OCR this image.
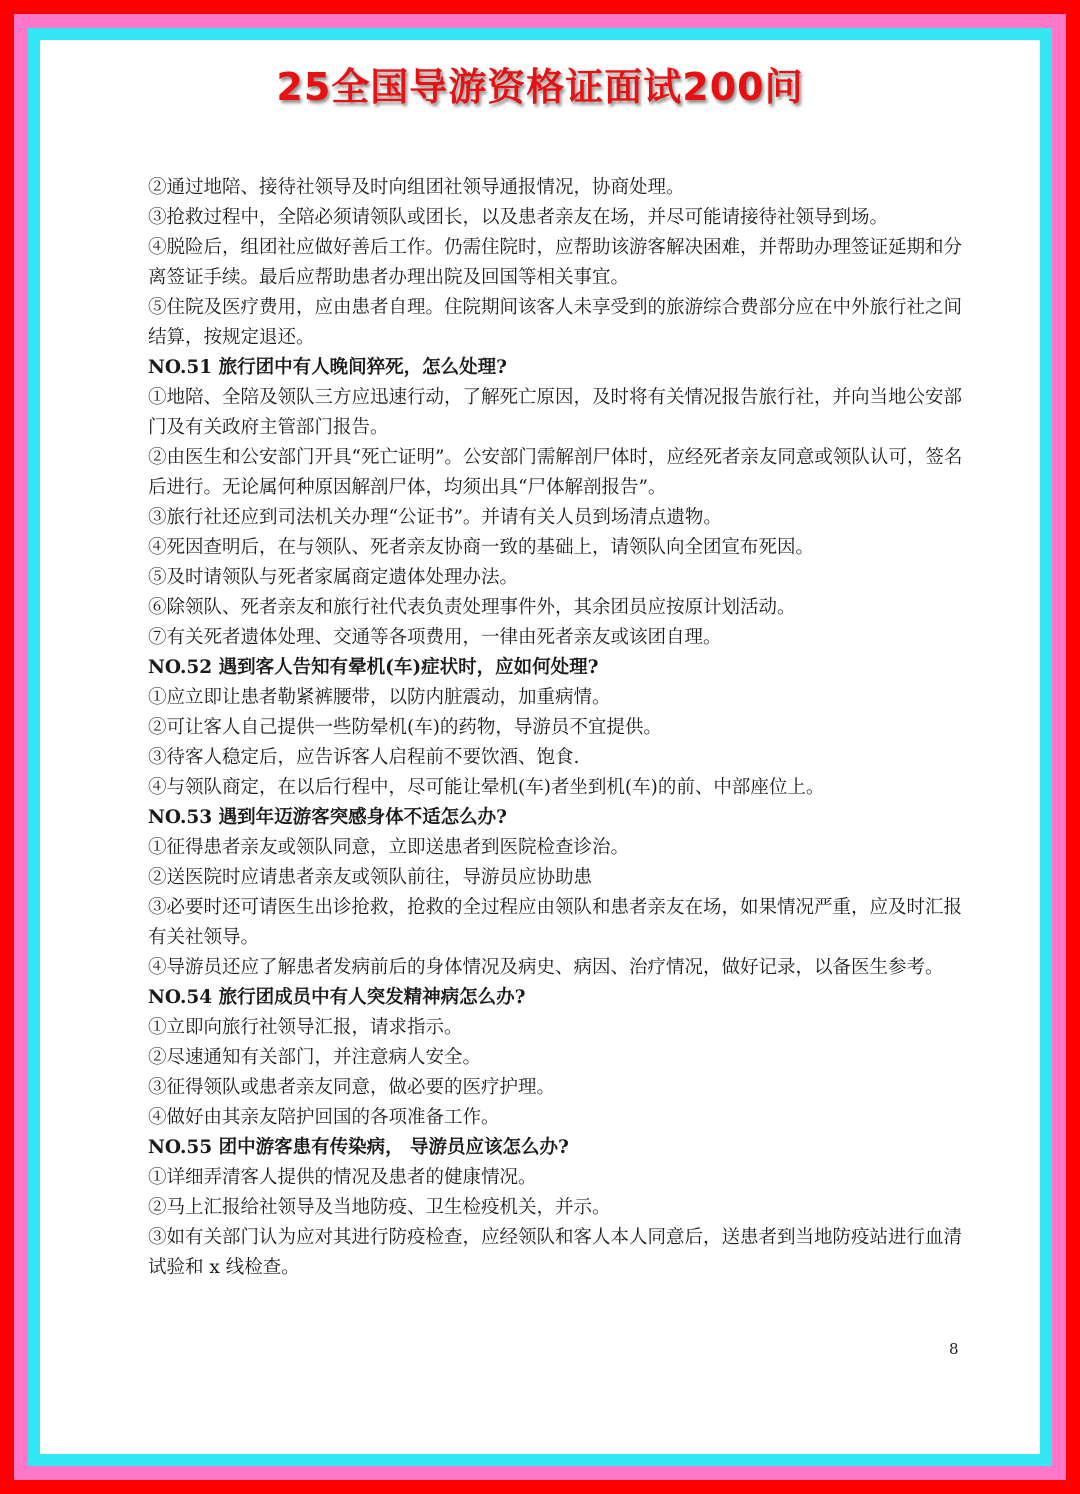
25全国导游资格证面试200问

②通过地陪、接待社领导及时向组团社领导通报情况，协商处理。

③抢救过程中，全陪必须请领队或团长，以及患者亲友在场，并尽可能请接待社领导到场。

④脱险后，组团社应做好善后工作。仍需住院时，应帮助该游客解决困难，并帮助办理签证延期和分离签证手续。最后应帮助患者办理出院及回国等相关事宜。

⑤住院及医疗费用，应由患者自理。住院期间该客人未享受到的旅游综合费部分应在中外旅行社之间结算，按规定退还。

NO.51 旅行团中有人晚间猝死，怎么处理?

①地陪、全陪及领队三方应迅速行动，了解死亡原因，及时将有关情况报告旅行社，并向当地公安部门及有关政府主管部门报告。

②由医生和公安部门开具“死亡证明”。公安部门需解剖尸体时，应经死者亲友同意或领队认可，签名后进行。无论属何种原因解剖尸体，均须出具“尸体解剖报告”。

③旅行社还应到司法机关办理“公证书”。并请有关人员到场清点遗物。

④死因查明后，在与领队、死者亲友协商一致的基础上，请领队向全团宣布死因。

⑤及时请领队与死者家属商定遗体处理办法。

⑥除领队、死者亲友和旅行社代表负责处理事件外，其余团员应按原计划活动。

⑦有关死者遗体处理、交通等各项费用，一律由死者亲友或该团自理。

NO.52 遇到客人告知有晕机(车)症状时，应如何处理?

①应立即让患者勒紧裤腰带，以防内脏震动，加重病情。

②可让客人自己提供一些防晕机(车)的药物，导游员不宜提供。

③待客人稳定后，应告诉客人启程前不要饮酒、饱食.

④与领队商定，在以后行程中，尽可能让晕机(车)者坐到机(车)的前、中部座位上。

NO.53 遇到年迈游客突感身体不适怎么办?

①征得患者亲友或领队同意，立即送患者到医院检查诊治。

②送医院时应请患者亲友或领队前往，导游员应协助患

③必要时还可请医生出诊抢救，抢救的全过程应由领队和患者亲友在场，如果情况严重，应及时汇报有关社领导。

④导游员还应了解患者发病前后的身体情况及病史、病因、治疗情况，做好记录，以备医生参考。

NO.54 旅行团成员中有人突发精神病怎么办?

①立即向旅行社领导汇报，请求指示。

②尽速通知有关部门，并注意病人安全。

③征得领队或患者亲友同意，做必要的医疗护理。

④做好由其亲友陪护回国的各项准备工作。

NO.55 团中游客患有传染病， 导游员应该怎么办?

①详细弄清客人提供的情况及患者的健康情况。

②马上汇报给社领导及当地防疫、卫生检疫机关，并示。

③如有关部门认为应对其进行防疫检查，应经领队和客人本人同意后，送患者到当地防疫站进行血清试验和 x 线检查。

8
